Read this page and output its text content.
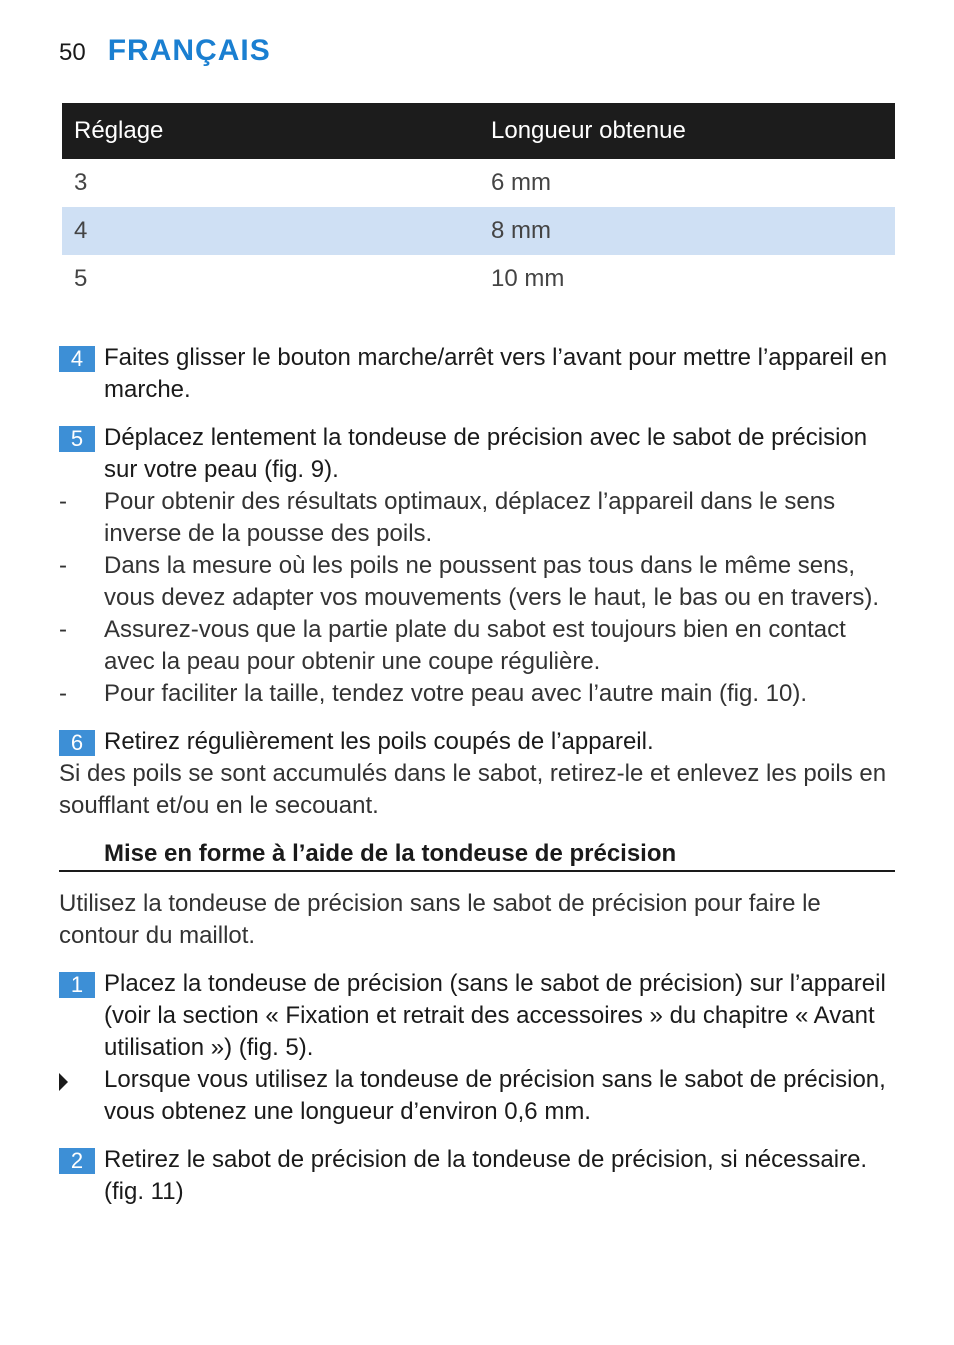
50 FRANÇAIS
Réglage	Longueur obtenue
3	6 mm
4	8 mm
5	10 mm

4 Faites glisser le bouton marche/arrêt vers l’avant pour mettre l’appareil en marche.

5 Déplacez lentement la tondeuse de précision avec le sabot de précision sur votre peau (fig. 9).

-	Pour obtenir des résultats optimaux, déplacez l’appareil dans le sens inverse de la pousse des poils.

-	Dans la mesure où les poils ne poussent pas tous dans le même sens, vous devez adapter vos mouvements (vers le haut, le bas ou en travers).

-	Assurez-vous que la partie plate du sabot est toujours bien en contact avec la peau pour obtenir une coupe régulière.

-	Pour faciliter la taille, tendez votre peau avec l’autre main (fig. 10).

6 Retirez régulièrement les poils coupés de l’appareil.

Si des poils se sont accumulés dans le sabot, retirez-le et enlevez les poils en soufflant et/ou en le secouant.

Mise en forme à l’aide de la tondeuse de précision

Utilisez la tondeuse de précision sans le sabot de précision pour faire le contour du maillot.

1 Placez la tondeuse de précision (sans le sabot de précision) sur l’appareil (voir la section « Fixation et retrait des accessoires » du chapitre « Avant utilisation ») (fig. 5).

Lorsque vous utilisez la tondeuse de précision sans le sabot de précision, vous obtenez une longueur d’environ 0,6 mm.

2 Retirez le sabot de précision de la tondeuse de précision, si nécessaire. (fig. 11)
